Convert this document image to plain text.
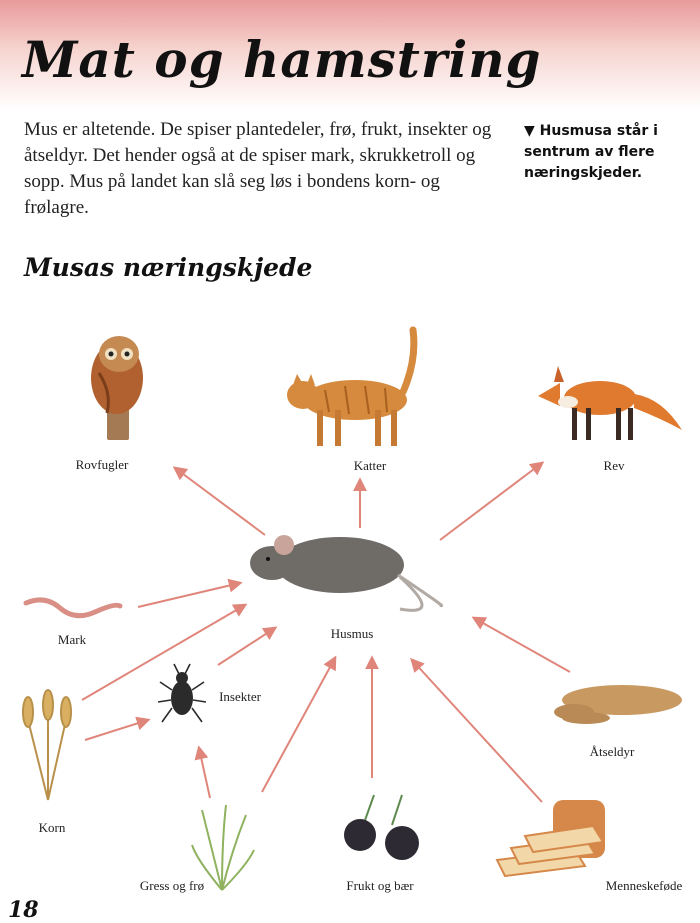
Mat og hamstring

Mus er altetende. De spiser plantedeler, frø, frukt, insekter og åtseldyr. Det hender også at de spiser mark, skrukketroll og sopp. Mus på landet kan slå seg løs i bondens korn- og frølagre.

▼ Husmusa står i sentrum av flere næringskjeder.

Musas næringskjede
Rovfugler	Katter	Rev
Husmus
Mark
Insekter
Korn
Gress og frø	Frukt og bær
Åtseldyr
Menneskeføde

18
